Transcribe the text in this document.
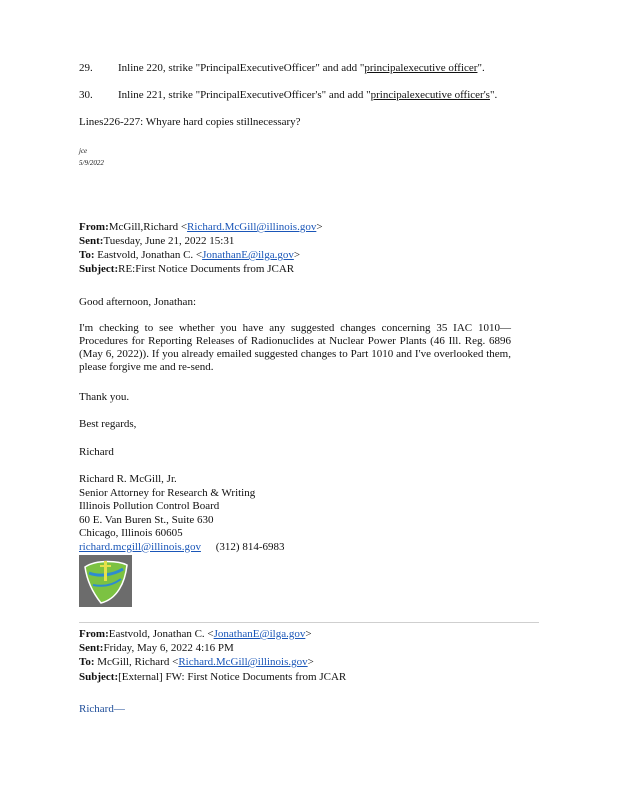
29. Inline 220, strike "PrincipalExecutiveOfficer" and add "principalexecutive officer".
30. Inline 221, strike "PrincipalExecutiveOfficer's" and add "principalexecutive officer's".
Lines226-227: Whyare hard copies stillnecessary?
jce
5/9/2022
From:McGill,Richard <Richard.McGill@illinois.gov>
Sent:Tuesday, June 21, 2022 15:31
To: Eastvold, Jonathan C. <JonathanE@ilga.gov>
Subject:RE:First Notice Documents from JCAR
Good afternoon, Jonathan:
I'm checking to see whether you have any suggested changes concerning 35 IAC 1010— Procedures for Reporting Releases of Radionuclides at Nuclear Power Plants (46 Ill. Reg. 6896 (May 6, 2022)). If you already emailed suggested changes to Part 1010 and I've overlooked them, please forgive me and re-send.
Thank you.
Best regards,
Richard
Richard R. McGill, Jr.
Senior Attorney for Research & Writing
Illinois Pollution Control Board
60 E. Van Buren St., Suite 630
Chicago, Illinois 60605
richard.mcgill@illinois.gov (312) 814-6983
From:Eastvold, Jonathan C. <JonathanE@ilga.gov>
Sent:Friday, May 6, 2022 4:16 PM
To: McGill, Richard <Richard.McGill@illinois.gov>
Subject:[External] FW: First Notice Documents from JCAR
Richard—
